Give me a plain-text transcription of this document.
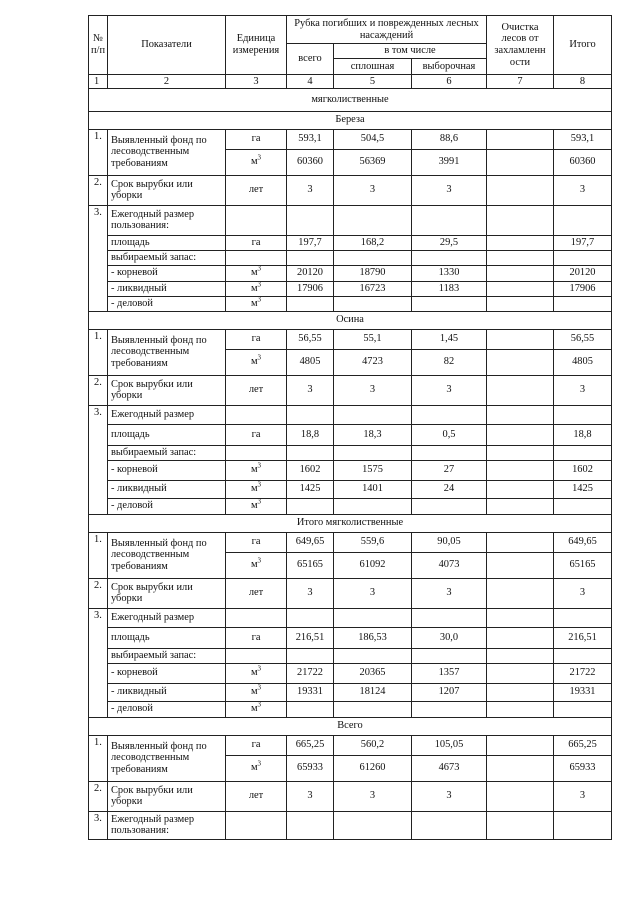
№ п/п	Показатели	Единица измерения	Рубка погибших и поврежденных лесных насаждений			Очистка лесов от захламленн ости	Итого
			всего	в том числе			
				сплошная	выборочная		
1	2	3	4	5	6	7	8
мягколиственные							
Береза							
1.	Выявленный фонд по лесоводственным требованиям	га	593,1	504,5	88,6		593,1
		$м^3$	60360	56369	3991		60360
2.	Срок вырубки или уборки	лет	3	3	3		3
3.	Ежегодный размер пользования:						
	площадь	га	197,7	168,2	29,5		197,7
	выбираемый запас:						
	- корневой	$м^3$	20120	18790	1330		20120
	- ликвидный	$м^3$	17906	16723	1183		17906
	- деловой	$м^3$					
Осина							
1.	Выявленный фонд по лесоводственным требованиям	га	56,55	55,1	1,45		56,55
		$м^3$	4805	4723	82		4805
2.	Срок вырубки или уборки	лет	3	3	3		3
3.	Ежегодный размер						
	площадь	га	18,8	18,3	0,5		18,8
	выбираемый запас:						
	- корневой	$м^3$	1602	1575	27		1602
	- ликвидный	$м^3$	1425	1401	24		1425
	- деловой	$м^3$					
Итого мягколиственные							
1.	Выявленный фонд по лесоводственным требованиям	га	649,65	559,6	90,05		649,65
		$м^3$	65165	61092	4073		65165
2.	Срок вырубки или уборки	лет	3	3	3		3
3.	Ежегодный размер						
	площадь	га	216,51	186,53	30,0		216,51
	выбираемый запас:						
	- корневой	$м^3$	21722	20365	1357		21722
	- ликвидный	$м^3$	19331	18124	1207		19331
	- деловой	$м^3$					
Всего							
1.	Выявленный фонд по лесоводственным требованиям	га	665,25	560,2	105,05		665,25
		$м^3$	65933	61260	4673		65933
2.	Срок вырубки или уборки	лет	3	3	3		3
3.	Ежегодный размер пользования:						
